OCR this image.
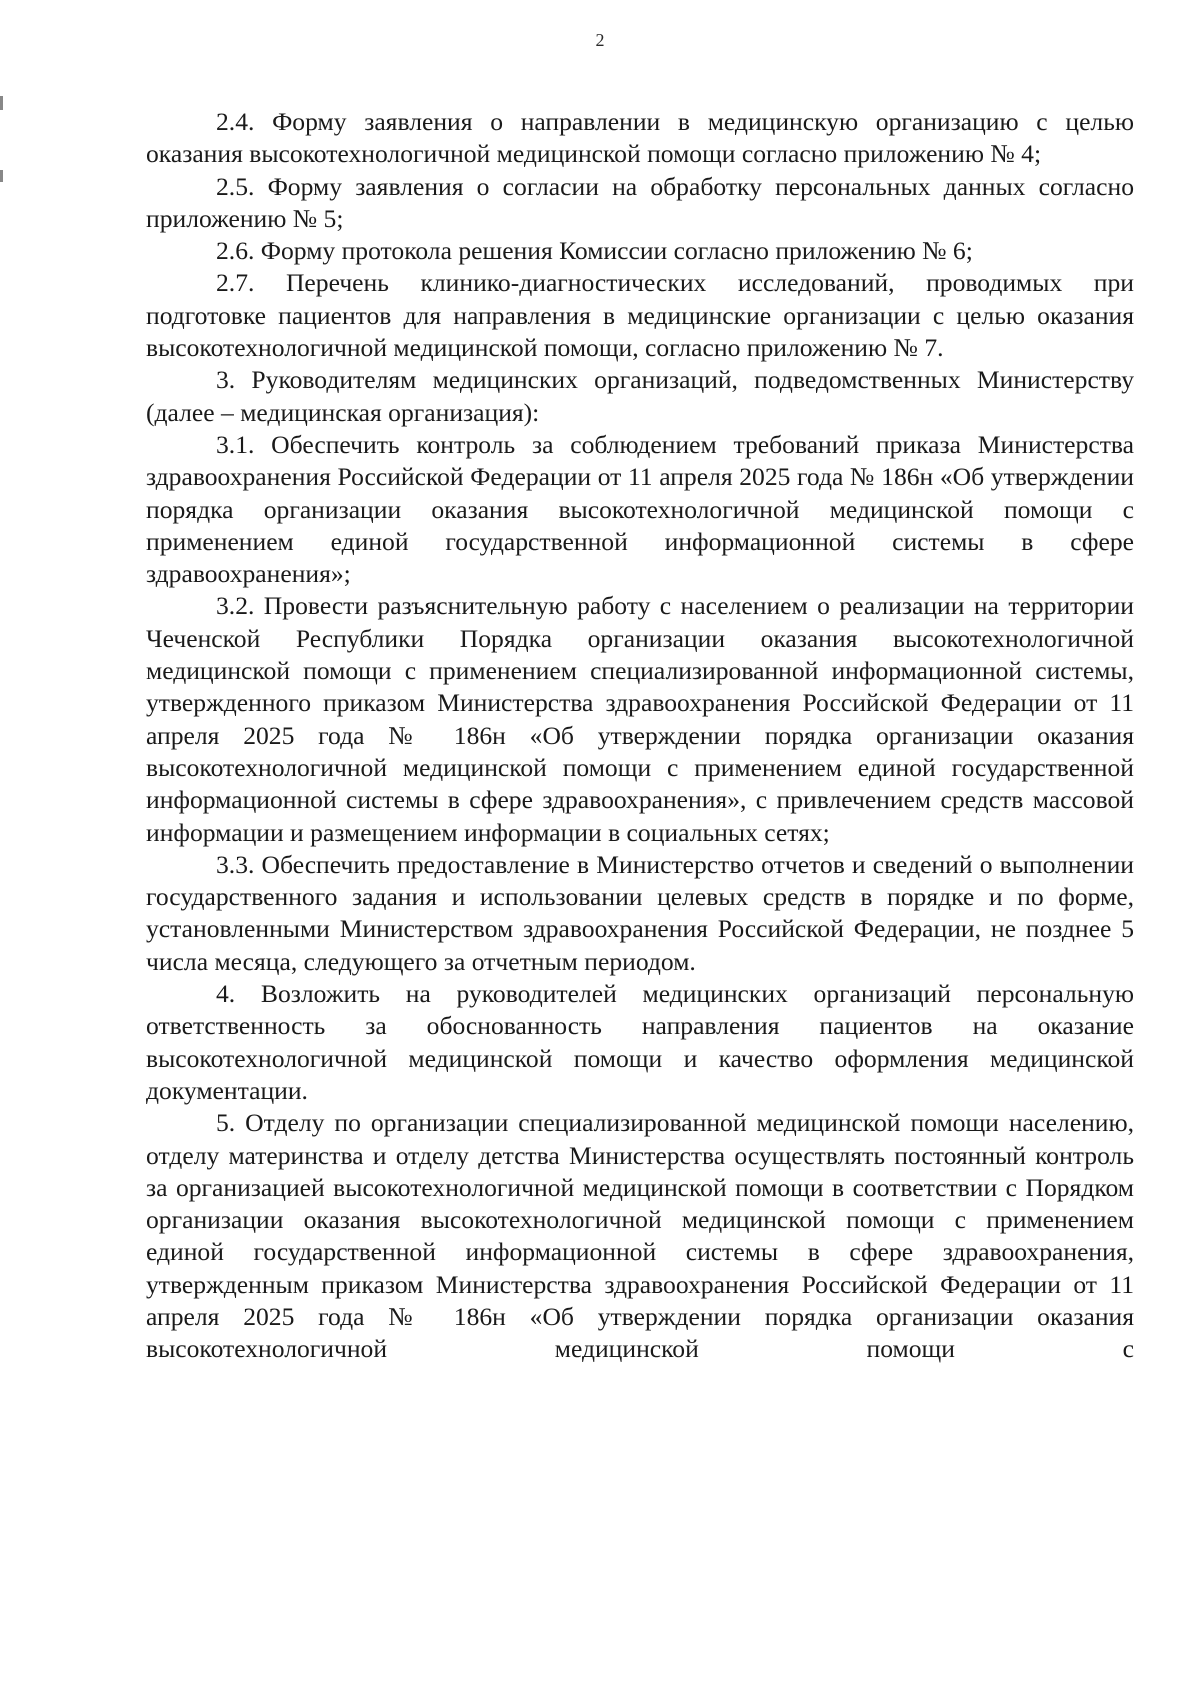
2

2.4. Форму заявления о направлении в медицинскую организацию с целью оказания высокотехнологичной медицинской помощи согласно приложению № 4;

2.5. Форму заявления о согласии на обработку персональных данных согласно приложению № 5;

2.6. Форму протокола решения Комиссии согласно приложению № 6;

2.7. Перечень клинико-диагностических исследований, проводимых при подготовке пациентов для направления в медицинские организации с целью оказания высокотехнологичной медицинской помощи, согласно приложению № 7.

3. Руководителям медицинских организаций, подведомственных Министерству (далее – медицинская организация):

3.1. Обеспечить контроль за соблюдением требований приказа Министерства здравоохранения Российской Федерации от 11 апреля 2025 года № 186н «Об утверждении порядка организации оказания высокотехнологичной медицинской помощи с применением единой государственной информационной системы в сфере здравоохранения»;

3.2. Провести разъяснительную работу с населением о реализации на территории Чеченской Республики Порядка организации оказания высокотехнологичной медицинской помощи с применением специализированной информационной системы, утвержденного приказом Министерства здравоохранения Российской Федерации от 11 апреля 2025 года № 186н «Об утверждении порядка организации оказания высокотехнологичной медицинской помощи с применением единой государственной информационной системы в сфере здравоохранения», с привлечением средств массовой информации и размещением информации в социальных сетях;

3.3. Обеспечить предоставление в Министерство отчетов и сведений о выполнении государственного задания и использовании целевых средств в порядке и по форме, установленными Министерством здравоохранения Российской Федерации, не позднее 5 числа месяца, следующего за отчетным периодом.

4. Возложить на руководителей медицинских организаций персональную ответственность за обоснованность направления пациентов на оказание высокотехнологичной медицинской помощи и качество оформления медицинской документации.

5. Отделу по организации специализированной медицинской помощи населению, отделу материнства и отделу детства Министерства осуществлять постоянный контроль за организацией высокотехнологичной медицинской помощи в соответствии с Порядком организации оказания высокотехнологичной медицинской помощи с применением единой государственной информационной системы в сфере здравоохранения, утвержденным приказом Министерства здравоохранения Российской Федерации от 11 апреля 2025 года № 186н «Об утверждении порядка организации оказания высокотехнологичной медицинской помощи с
